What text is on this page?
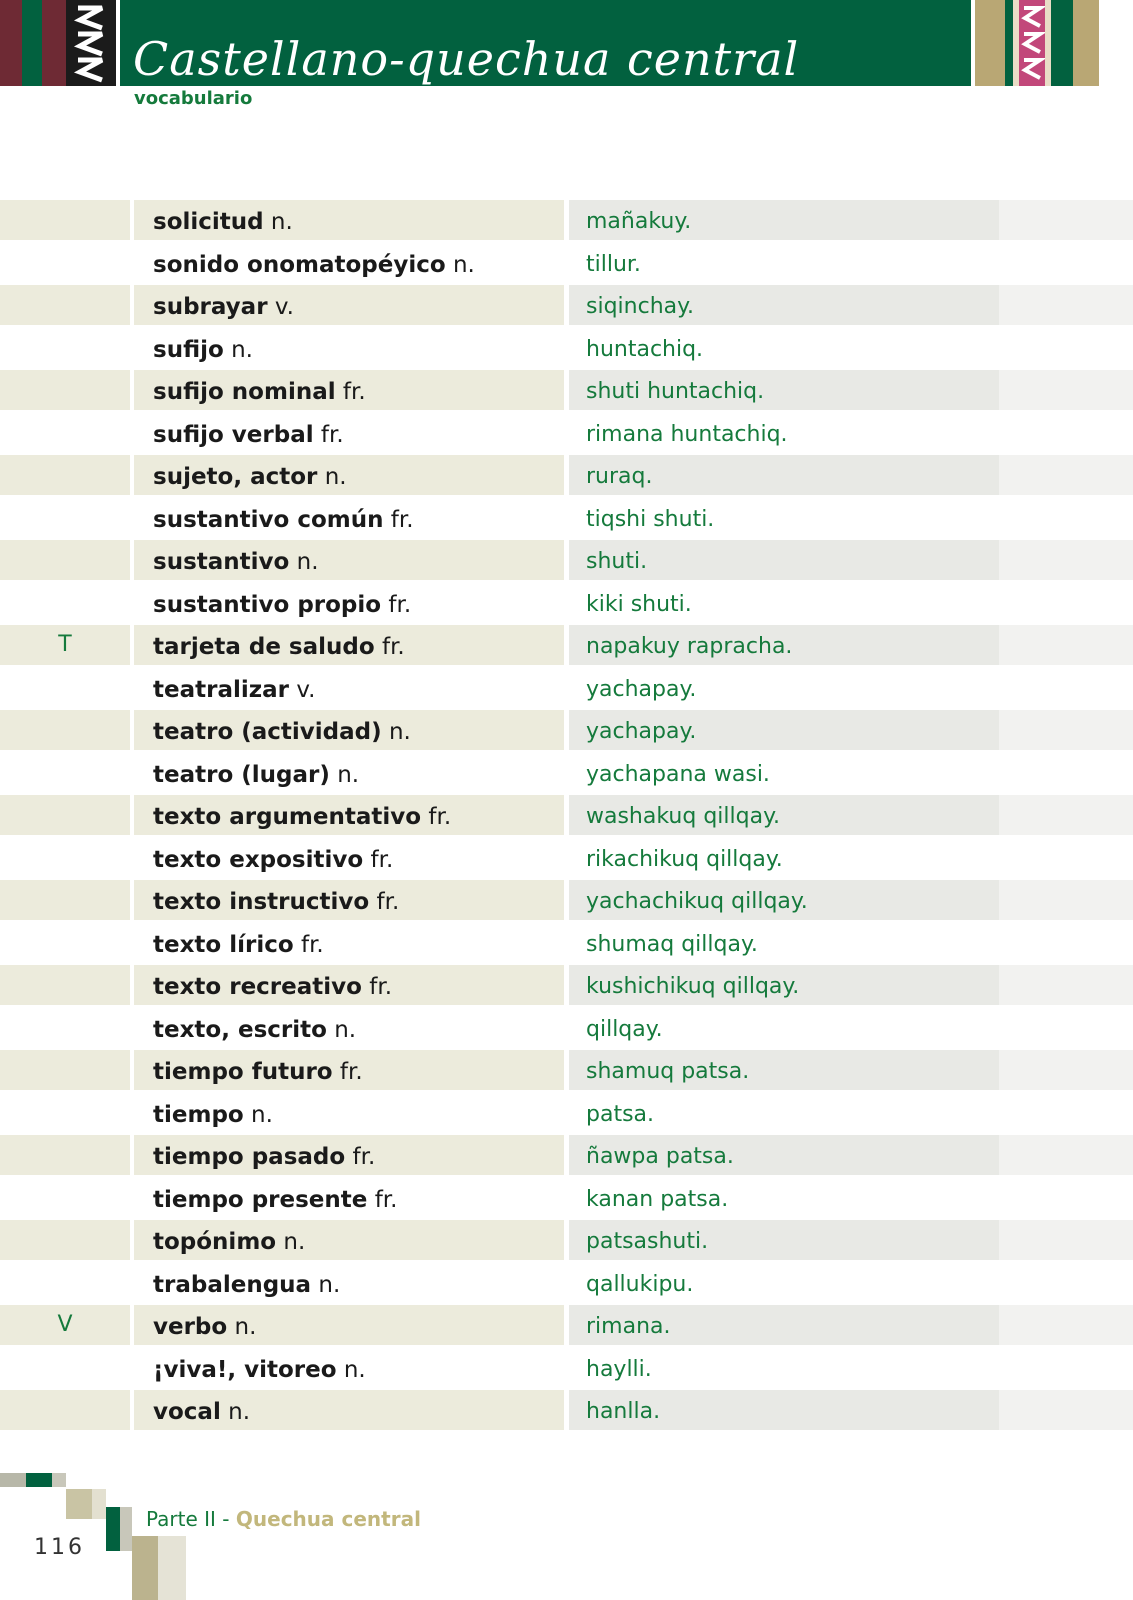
Castellano-quechua central
vocabulario
solicitud n.	mañakuy.
sonido onomatopéyico n.	tillur.
subrayar v.	siqinchay.
sufijo n.	huntachiq.
sufijo nominal fr.	shuti huntachiq.
sufijo verbal fr.	rimana huntachiq.
sujeto, actor n.	ruraq.
sustantivo común fr.	tiqshi shuti.
sustantivo n.	shuti.
sustantivo propio fr.	kiki shuti.
T	tarjeta de saludo fr.	napakuy rapracha.
teatralizar v.	yachapay.
teatro (actividad) n.	yachapay.
teatro (lugar) n.	yachapana wasi.
texto argumentativo fr.	washakuq qillqay.
texto expositivo fr.	rikachikuq qillqay.
texto instructivo fr.	yachachikuq qillqay.
texto lírico fr.	shumaq qillqay.
texto recreativo fr.	kushichikuq qillqay.
texto, escrito n.	qillqay.
tiempo futuro fr.	shamuq patsa.
tiempo n.	patsa.
tiempo pasado fr.	ñawpa patsa.
tiempo presente fr.	kanan patsa.
topónimo n.	patsashuti.
trabalengua n.	qallukipu.
V	verbo n.	rimana.
¡viva!, vitoreo n.	haylli.
vocal n.	hanlla.
Parte II - Quechua central
116
